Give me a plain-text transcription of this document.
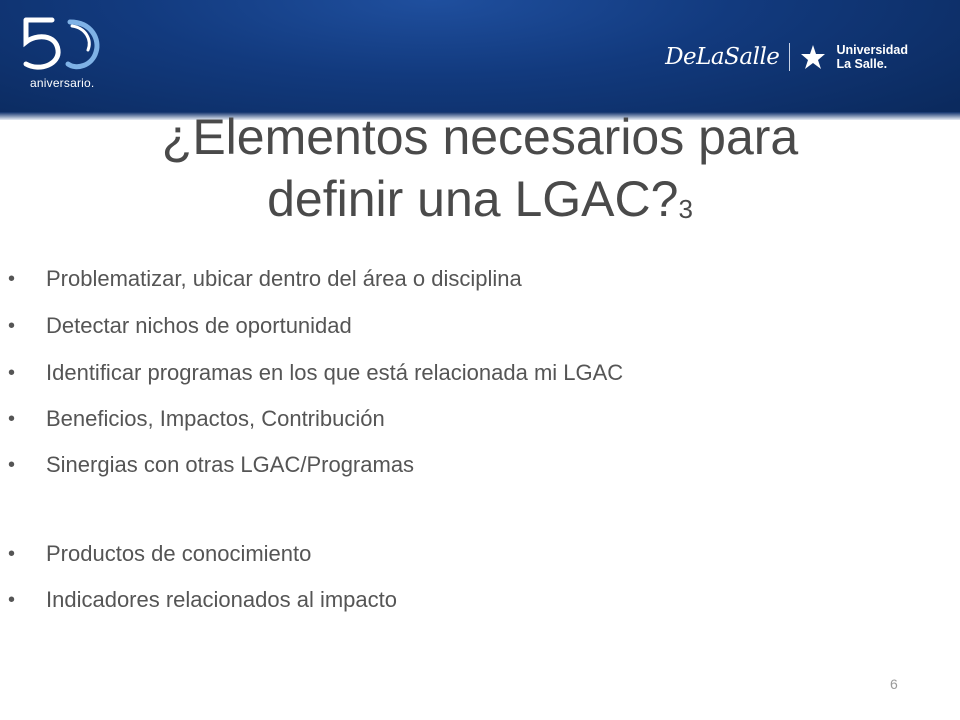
aniversario.
DeLaSalle	Universidad
La Salle.
¿Elementos necesarios para
definir una $LGAC?_3$
• Problematizar, ubicar dentro del área o disciplina
• Detectar nichos de oportunidad
• Identificar programas en los que está relacionada mi LGAC
• Beneficios, Impactos, Contribución
• Sinergias con otras LGAC/Programas
• Productos de conocimiento
• Indicadores relacionados al impacto
6
